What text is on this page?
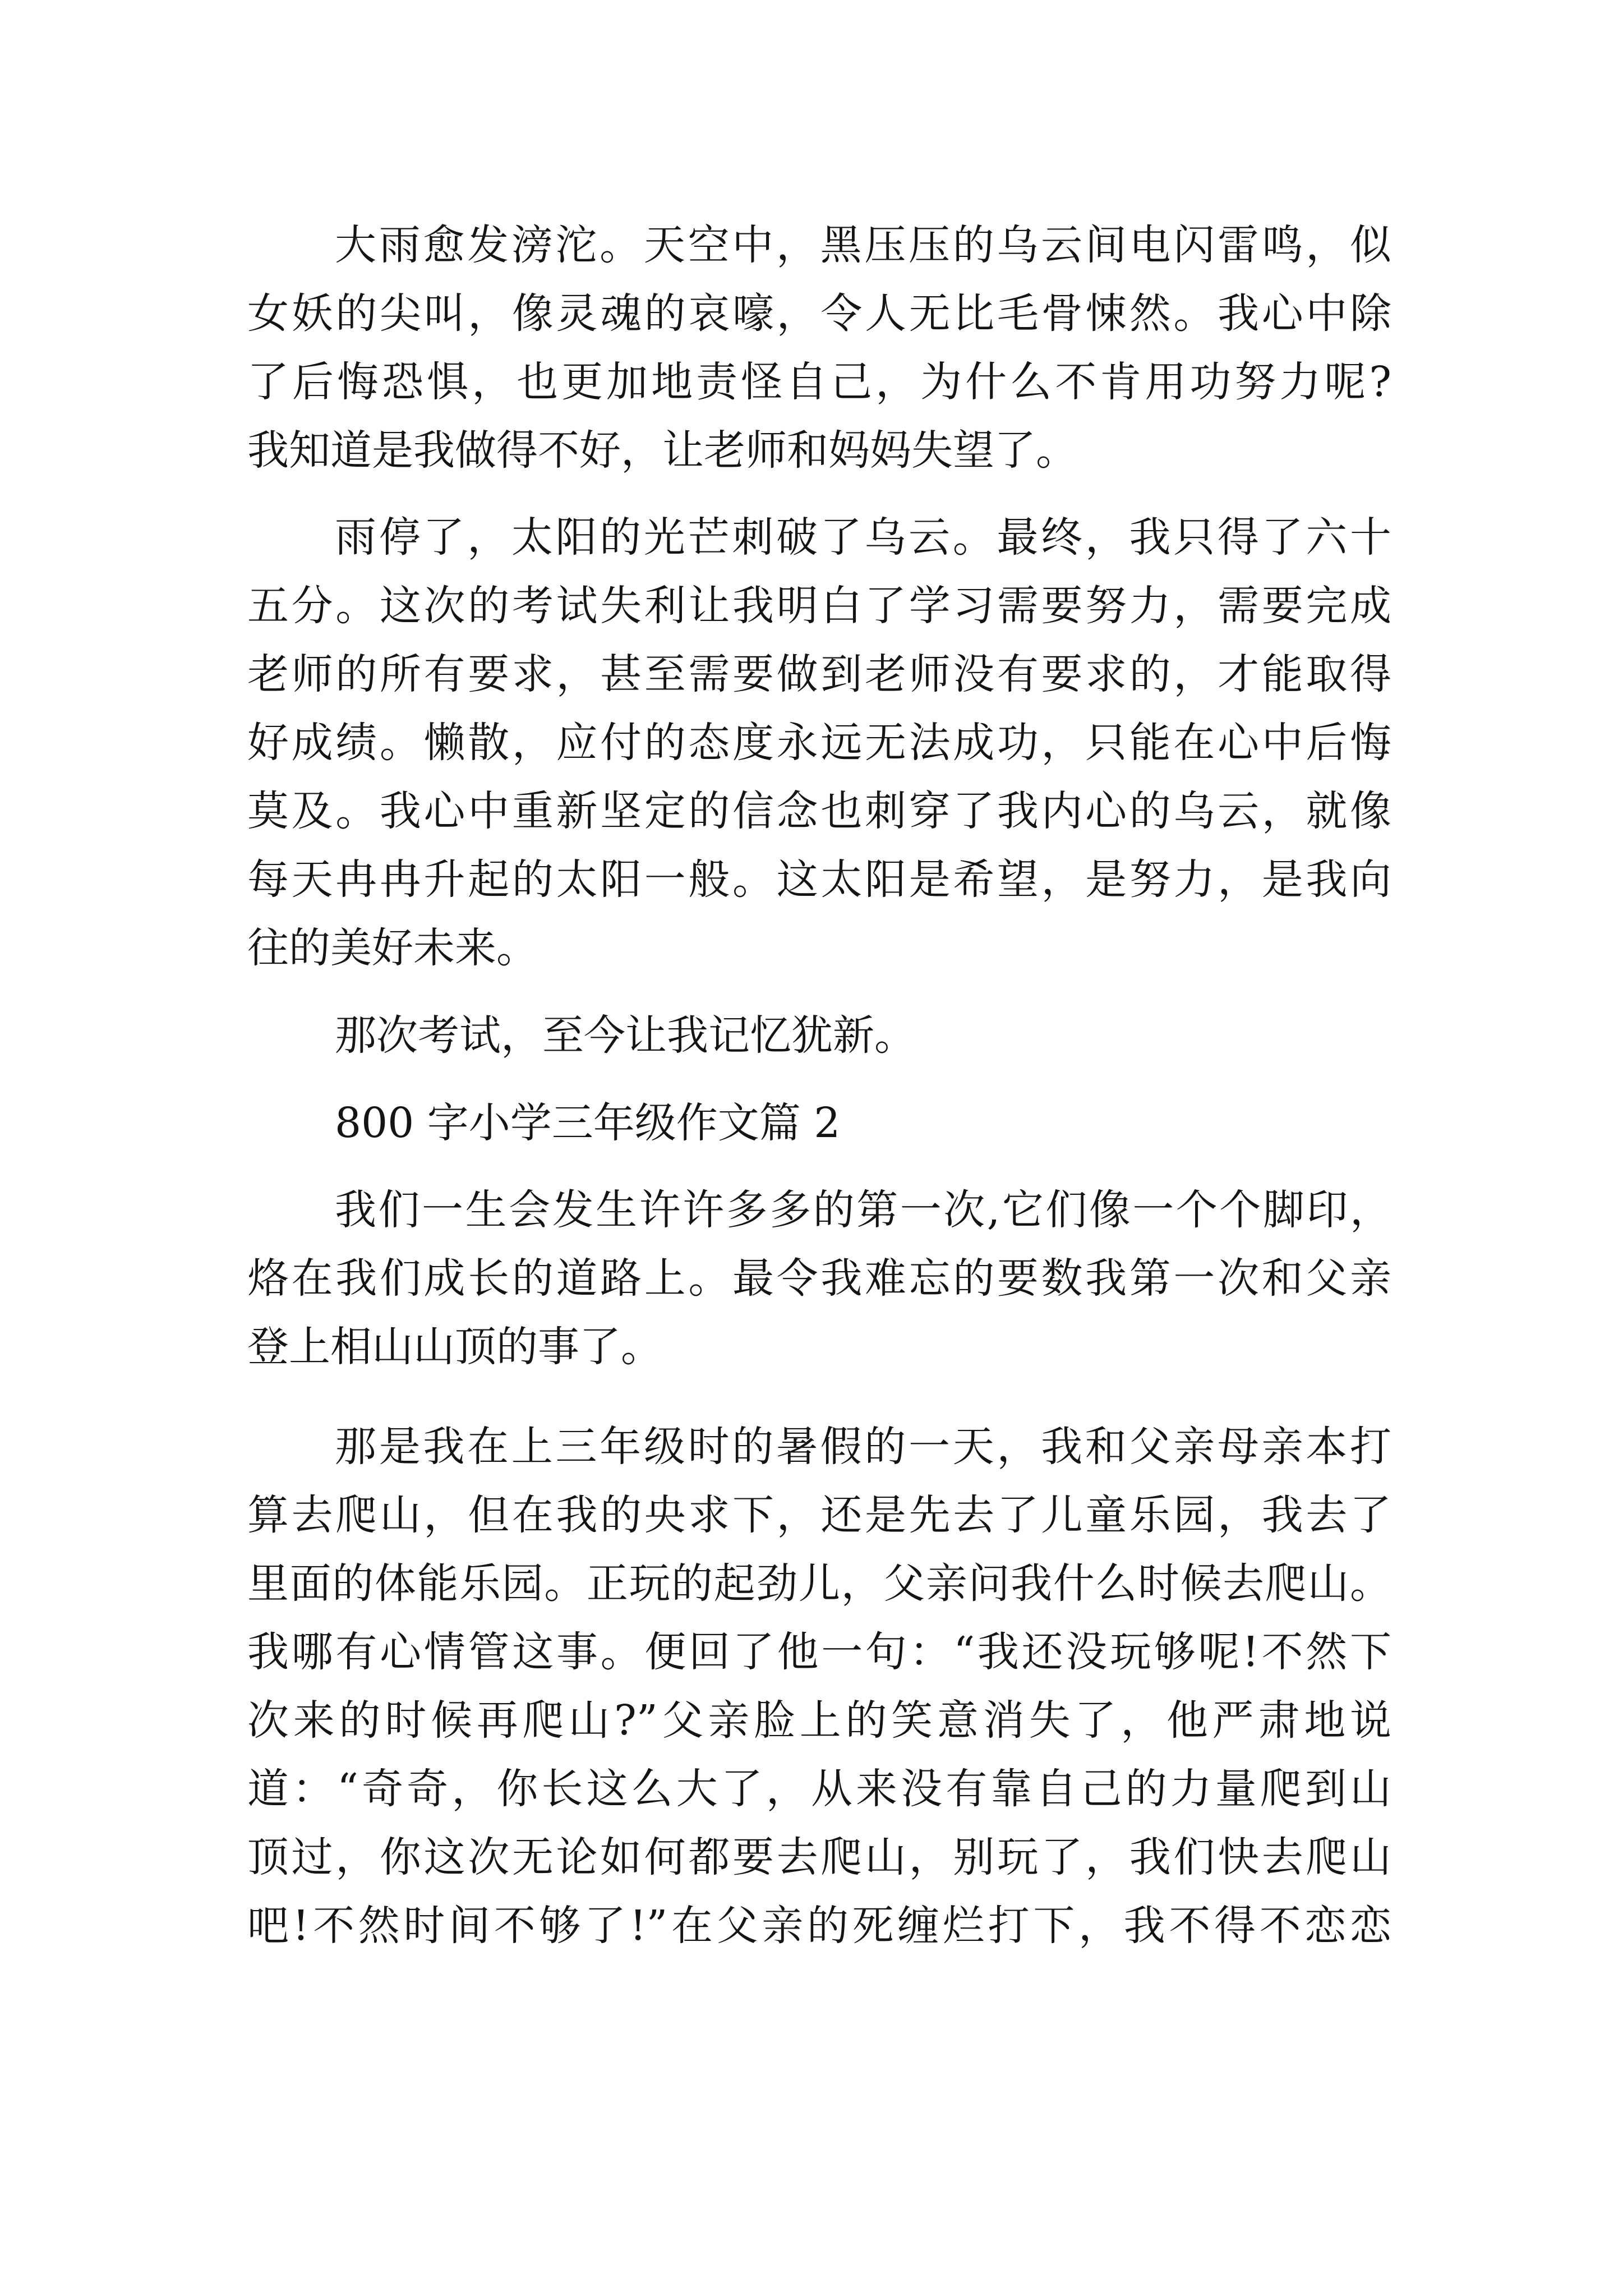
大雨愈发滂沱。天空中，黑压压的乌云间电闪雷鸣，似
女妖的尖叫，像灵魂的哀嚎，令人无比毛骨悚然。我心中除
了后悔恐惧，也更加地责怪自己，为什么不肯用功努力呢?
我知道是我做得不好，让老师和妈妈失望了。
雨停了，太阳的光芒刺破了乌云。最终，我只得了六十
五分。这次的考试失利让我明白了学习需要努力，需要完成
老师的所有要求，甚至需要做到老师没有要求的，才能取得
好成绩。懒散，应付的态度永远无法成功，只能在心中后悔
莫及。我心中重新坚定的信念也刺穿了我内心的乌云，就像
每天冉冉升起的太阳一般。这太阳是希望，是努力，是我向
往的美好未来。
那次考试，至今让我记忆犹新。
800 字小学三年级作文篇 2
我们一生会发生许许多多的第一次,它们像一个个脚印，
烙在我们成长的道路上。最令我难忘的要数我第一次和父亲
登上相山山顶的事了。
那是我在上三年级时的暑假的一天，我和父亲母亲本打
算去爬山，但在我的央求下，还是先去了儿童乐园，我去了
里面的体能乐园。正玩的起劲儿，父亲问我什么时候去爬山。
我哪有心情管这事。便回了他一句：“我还没玩够呢!不然下
次来的时候再爬山?”父亲脸上的笑意消失了，他严肃地说
道：“奇奇，你长这么大了，从来没有靠自己的力量爬到山
顶过，你这次无论如何都要去爬山，别玩了，我们快去爬山
吧!不然时间不够了!”在父亲的死缠烂打下，我不得不恋恋
